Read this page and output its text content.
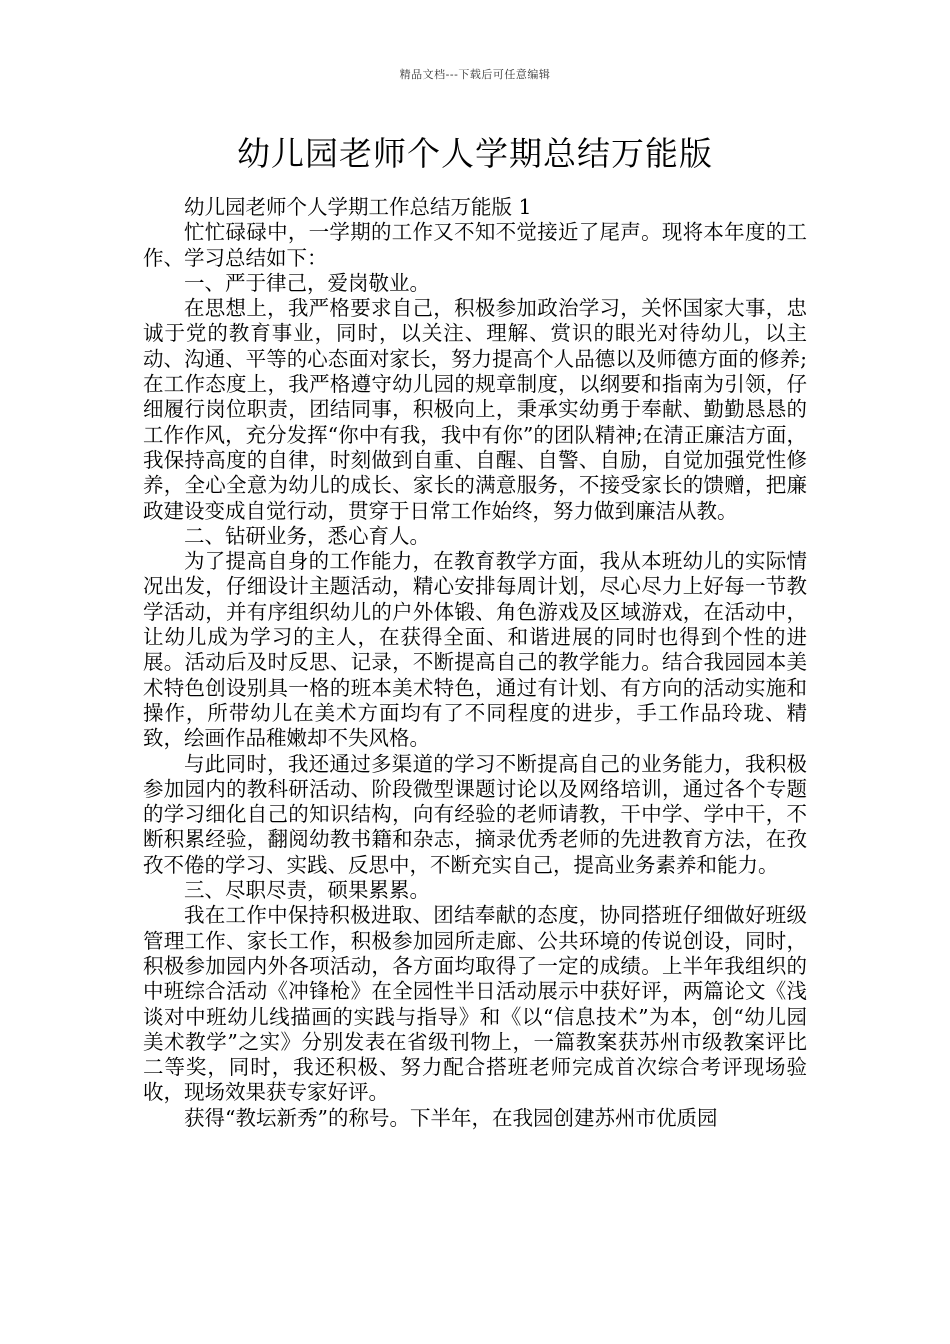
精品文档---下载后可任意编辑
幼儿园老师个人学期总结万能版

幼儿园老师个人学期工作总结万能版 1

忙忙碌碌中，一学期的工作又不知不觉接近了尾声。现将本年度的工作、学习总结如下：

一、严于律己，爱岗敬业。

在思想上，我严格要求自己，积极参加政治学习，关怀国家大事，忠诚于党的教育事业，同时，以关注、理解、赏识的眼光对待幼儿，以主动、沟通、平等的心态面对家长，努力提高个人品德以及师德方面的修养;在工作态度上，我严格遵守幼儿园的规章制度，以纲要和指南为引领，仔细履行岗位职责，团结同事，积极向上，秉承实幼勇于奉献、勤勤恳恳的工作作风，充分发挥“你中有我，我中有你”的团队精神;在清正廉洁方面，我保持高度的自律，时刻做到自重、自醒、自警、自励，自觉加强党性修养，全心全意为幼儿的成长、家长的满意服务，不接受家长的馈赠，把廉政建设变成自觉行动，贯穿于日常工作始终，努力做到廉洁从教。

二、钻研业务，悉心育人。

为了提高自身的工作能力，在教育教学方面，我从本班幼儿的实际情况出发，仔细设计主题活动，精心安排每周计划，尽心尽力上好每一节教学活动，并有序组织幼儿的户外体锻、角色游戏及区域游戏，在活动中，让幼儿成为学习的主人，在获得全面、和谐进展的同时也得到个性的进展。活动后及时反思、记录，不断提高自己的教学能力。结合我园园本美术特色创设别具一格的班本美术特色，通过有计划、有方向的活动实施和操作，所带幼儿在美术方面均有了不同程度的进步，手工作品玲珑、精致，绘画作品稚嫩却不失风格。

与此同时，我还通过多渠道的学习不断提高自己的业务能力，我积极参加园内的教科研活动、阶段微型课题讨论以及网络培训，通过各个专题的学习细化自己的知识结构，向有经验的老师请教，干中学、学中干，不断积累经验，翻阅幼教书籍和杂志，摘录优秀老师的先进教育方法，在孜孜不倦的学习、实践、反思中，不断充实自己，提高业务素养和能力。

三、尽职尽责，硕果累累。

我在工作中保持积极进取、团结奉献的态度，协同搭班仔细做好班级管理工作、家长工作，积极参加园所走廊、公共环境的传说创设，同时，积极参加园内外各项活动，各方面均取得了一定的成绩。上半年我组织的中班综合活动《冲锋枪》在全园性半日活动展示中获好评，两篇论文《浅谈对中班幼儿线描画的实践与指导》和《以“信息技术”为本，创“幼儿园美术教学”之实》分别发表在省级刊物上，一篇教案获苏州市级教案评比二等奖，同时，我还积极、努力配合搭班老师完成首次综合考评现场验收，现场效果获专家好评。

获得“教坛新秀”的称号。下半年，在我园创建苏州市优质园
